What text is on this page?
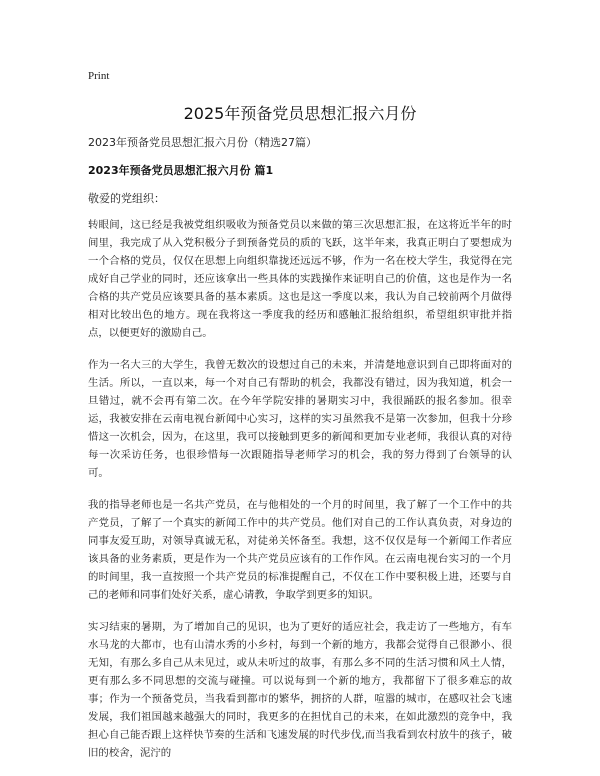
Print
2025年预备党员思想汇报六月份
2023年预备党员思想汇报六月份（精选27篇）
2023年预备党员思想汇报六月份 篇1
敬爱的党组织：

转眼间，这已经是我被党组织吸收为预备党员以来做的第三次思想汇报，在这将近半年的时间里，我完成了从入党积极分子到预备党员的质的飞跃，这半年来，我真正明白了要想成为一个合格的党员，仅仅在思想上向组织靠拢还远远不够，作为一名在校大学生，我觉得在完成好自己学业的同时，还应该拿出一些具体的实践操作来证明自己的价值，这也是作为一名合格的共产党员应该要具备的基本素质。这也是这一季度以来，我认为自己较前两个月做得相对比较出色的地方。现在我将这一季度我的经历和感触汇报给组织，希望组织审批并指点，以便更好的激励自己。

作为一名大三的大学生，我曾无数次的设想过自己的未来，并清楚地意识到自己即将面对的生活。所以，一直以来，每一个对自己有帮助的机会，我都没有错过，因为我知道，机会一旦错过，就不会再有第二次。在今年学院安排的暑期实习中，我很踊跃的报名参加。很幸运，我被安排在云南电视台新闻中心实习，这样的实习虽然我不是第一次参加，但我十分珍惜这一次机会，因为，在这里，我可以接触到更多的新闻和更加专业老师，我很认真的对待每一次采访任务，也很珍惜每一次跟随指导老师学习的机会，我的努力得到了台领导的认可。

我的指导老师也是一名共产党员，在与他相处的一个月的时间里，我了解了一个工作中的共产党员，了解了一个真实的新闻工作中的共产党员。他们对自己的工作认真负责，对身边的同事友爱互助，对领导真诚无私，对徒弟关怀备至。我想，这不仅仅是每一个新闻工作者应该具备的业务素质，更是作为一个共产党员应该有的工作作风。在云南电视台实习的一个月的时间里，我一直按照一个共产党员的标准提醒自己，不仅在工作中要积极上进，还要与自己的老师和同事们处好关系，虚心请教，争取学到更多的知识。

实习结束的暑期，为了增加自己的见识，也为了更好的适应社会，我走访了一些地方，有车水马龙的大都市，也有山清水秀的小乡村，每到一个新的地方，我都会觉得自己很渺小、很无知，有那么多自己从未见过，或从未听过的故事，有那么多不同的生活习惯和风土人情，更有那么多不同思想的交流与碰撞。可以说每到一个新的地方，我都留下了很多难忘的故事；作为一个预备党员，当我看到都市的繁华，拥挤的人群，喧嚣的城市，在感叹社会飞速发展，我们祖国越来越强大的同时，我更多的在担忧自己的未来，在如此激烈的竞争中，我担心自己能否跟上这样快节奏的生活和飞速发展的时代步伐,而当我看到农村放牛的孩子，破旧的校舍，泥泞的
